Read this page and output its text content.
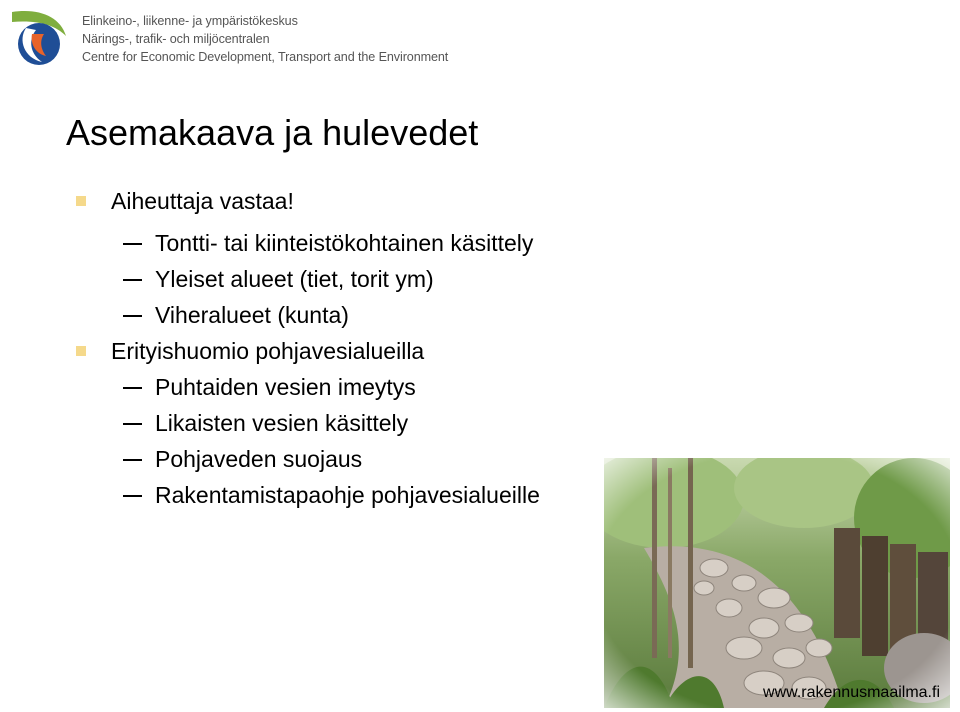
Elinkeino-, liikenne- ja ympäristökeskus
Närings-, trafik- och miljöcentralen
Centre for Economic Development, Transport and the Environment
Asemakaava ja hulevedet
Aiheuttaja vastaa!
Tontti- tai kiinteistökohtainen käsittely
Yleiset alueet (tiet, torit ym)
Viheralueet (kunta)
Erityishuomio pohjavesialueilla
Puhtaiden vesien imeytys
Likaisten vesien käsittely
Pohjaveden suojaus
Rakentamistapaohje pohjavesialueille
www.rakennusmaailma.fi
